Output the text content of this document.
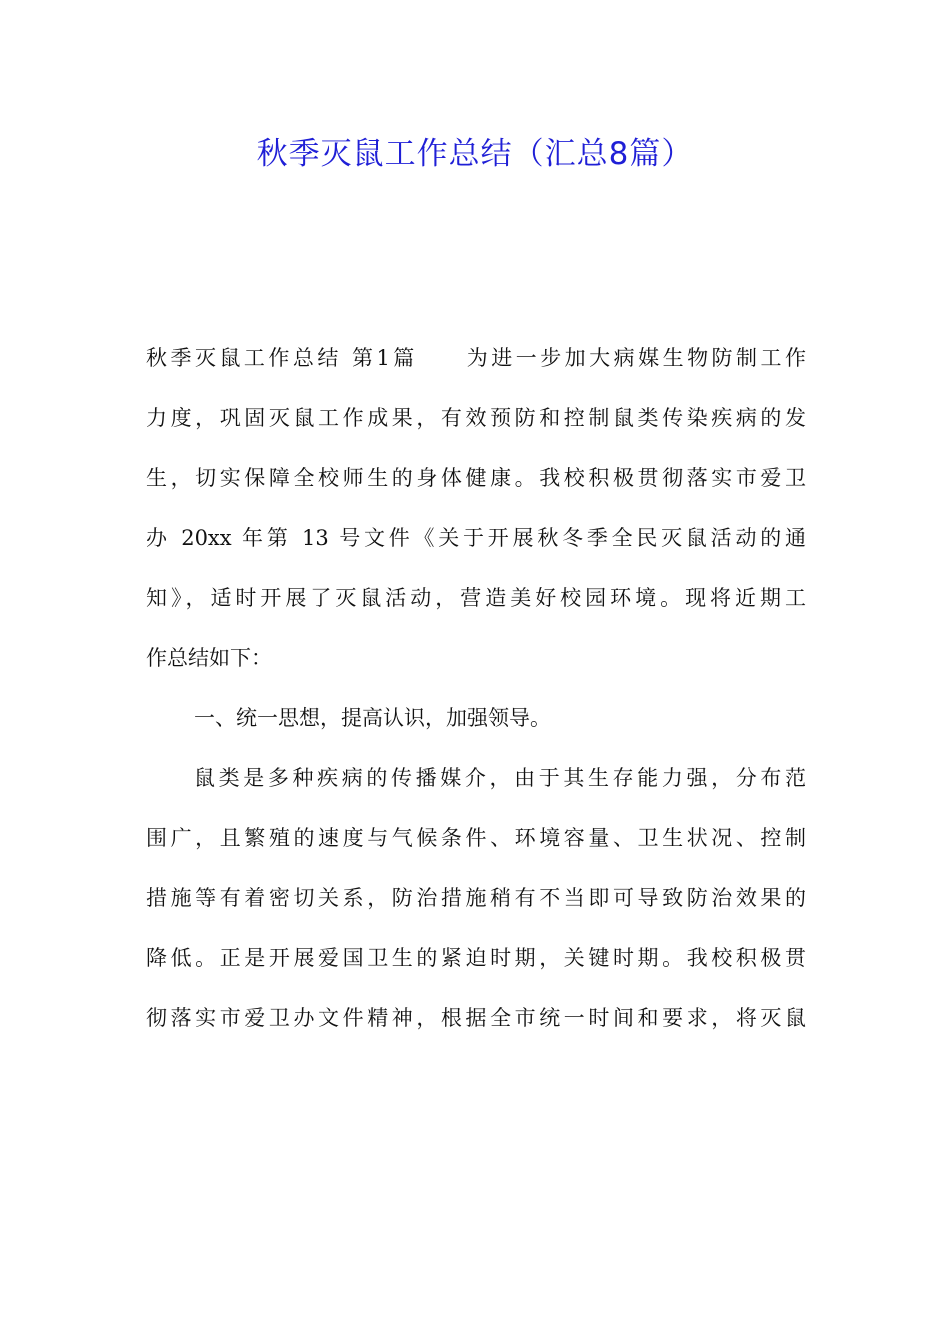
秋季灭鼠工作总结（汇总8篇）
秋季灭鼠工作总结 第1篇　　为进一步加大病媒生物防制工作
力度，巩固灭鼠工作成果，有效预防和控制鼠类传染疾病的发
生，切实保障全校师生的身体健康。我校积极贯彻落实市爱卫
办 20xx 年第 13 号文件《关于开展秋冬季全民灭鼠活动的通
知》，适时开展了灭鼠活动，营造美好校园环境。现将近期工
作总结如下：
一、统一思想，提高认识，加强领导。
鼠类是多种疾病的传播媒介，由于其生存能力强，分布范
围广，且繁殖的速度与气候条件、环境容量、卫生状况、控制
措施等有着密切关系，防治措施稍有不当即可导致防治效果的
降低。正是开展爱国卫生的紧迫时期，关键时期。我校积极贯
彻落实市爱卫办文件精神，根据全市统一时间和要求，将灭鼠
